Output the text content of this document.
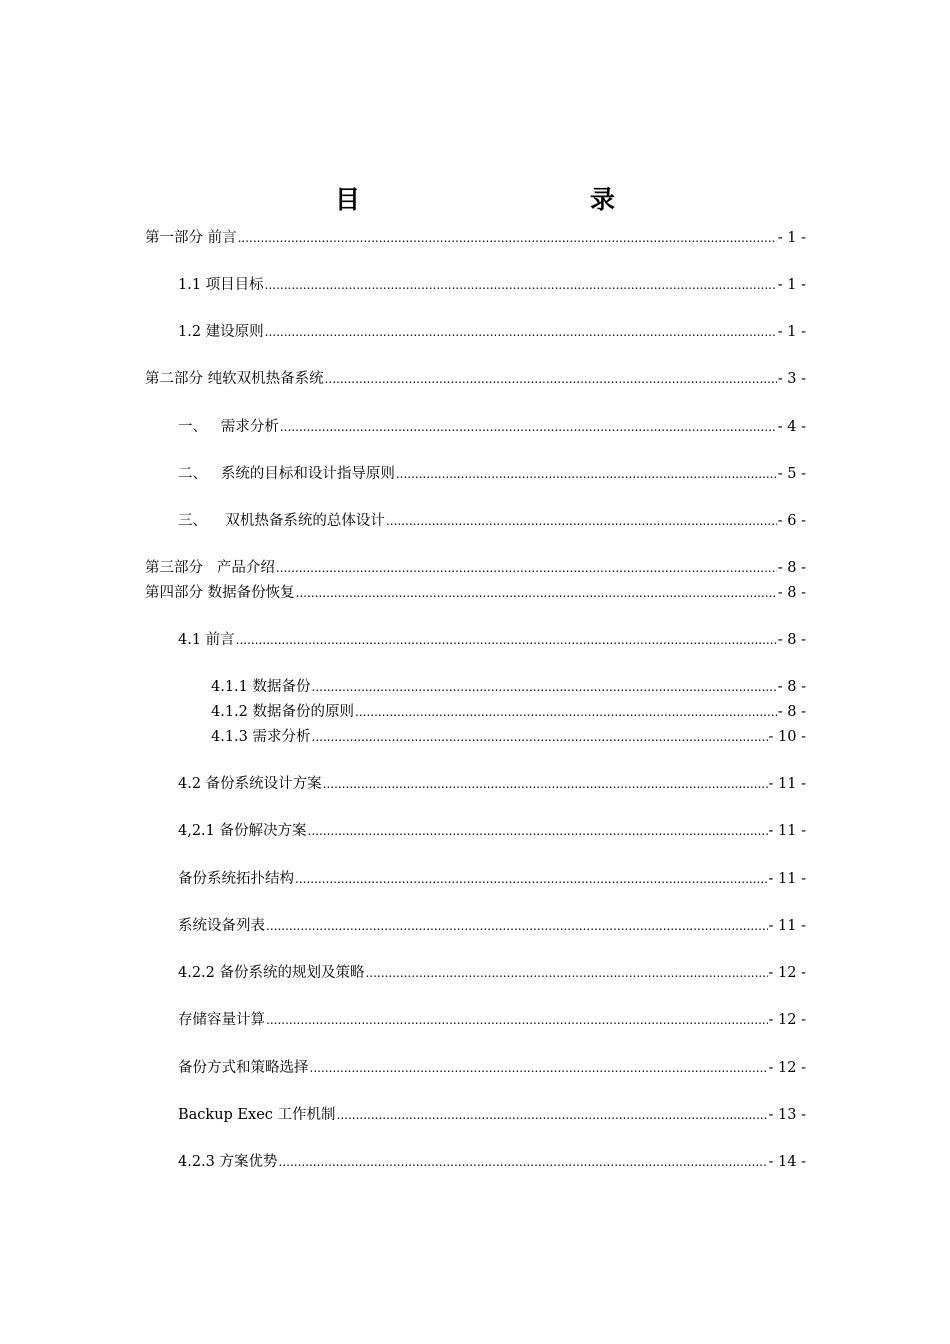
目　　录
第一部分 前言 .....	- 1 -
1.1 项目目标 .....	- 1 -
1.2 建设原则 .....	- 1 -
第二部分 纯软双机热备系统 .....	- 3 -
一、   需求分析 .....	- 4 -
二、   系统的目标和设计指导原则 .....	- 5 -
三、    双机热备系统的总体设计 .....	- 6 -
第三部分   产品介绍 .....	- 8 -
第四部分 数据备份恢复 .....	- 8 -
4.1 前言 .....	- 8 -
4.1.1 数据备份 .....	- 8 -
4.1.2 数据备份的原则 .....	- 8 -
4.1.3 需求分析 .....	- 10 -
4.2 备份系统设计方案 .....	- 11 -
4,2.1 备份解决方案 .....	- 11 -
备份系统拓扑结构 .....	- 11 -
系统设备列表 .....	- 11 -
4.2.2 备份系统的规划及策略 .....	- 12 -
存储容量计算 .....	- 12 -
备份方式和策略选择 .....	- 12 -
Backup Exec 工作机制 .....	- 13 -
4.2.3 方案优势 .....	- 14 -
